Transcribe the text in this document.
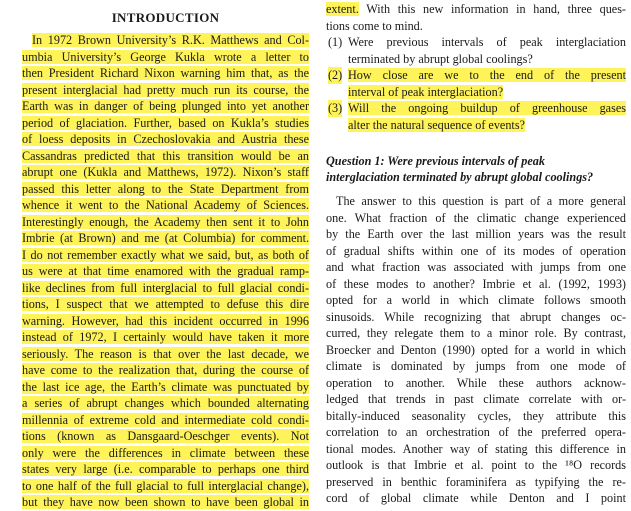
INTRODUCTION
In 1972 Brown University’s R.K. Matthews and Col-
umbia University’s George Kukla wrote a letter to
then President Richard Nixon warning him that, as the
present interglacial had pretty much run its course, the
Earth was in danger of being plunged into yet another
period of glaciation. Further, based on Kukla’s studies
of loess deposits in Czechoslovakia and Austria these
Cassandras predicted that this transition would be an
abrupt one (Kukla and Matthews, 1972). Nixon’s staff
passed this letter along to the State Department from
whence it went to the National Academy of Sciences.
Interestingly enough, the Academy then sent it to John
Imbrie (at Brown) and me (at Columbia) for comment.
I do not remember exactly what we said, but, as both of
us were at that time enamored with the gradual ramp-
like declines from full interglacial to full glacial condi-
tions, I suspect that we attempted to defuse this dire
warning. However, had this incident occurred in 1996
instead of 1972, I certainly would have taken it more
seriously. The reason is that over the last decade, we
have come to the realization that, during the course of
the last ice age, the Earth’s climate was punctuated by
a series of abrupt changes which bounded alternating
millennia of extreme cold and intermediate cold condi-
tions (known as Dansgaard-Oeschger events). Not
only were the differences in climate between these
states very large (i.e. comparable to perhaps one third
to one half of the full glacial to full interglacial change),
but they have now been shown to have been global in
extent. With this new information in hand, three ques-
tions come to mind.
(1) Were previous intervals of peak interglaciation
terminated by abrupt global coolings?
(2) How close are we to the end of the present
interval of peak interglaciation?
(3) Will the ongoing buildup of greenhouse gases
alter the natural sequence of events?
Question 1: Were previous intervals of peak
interglaciation terminated by abrupt global coolings?
The answer to this question is part of a more general
one. What fraction of the climatic change experienced
by the Earth over the last million years was the result
of gradual shifts within one of its modes of operation
and what fraction was associated with jumps from one
of these modes to another? Imbrie et al. (1992, 1993)
opted for a world in which climate follows smooth
sinusoids. While recognizing that abrupt changes oc-
curred, they relegate them to a minor role. By contrast,
Broecker and Denton (1990) opted for a world in which
climate is dominated by jumps from one mode of
operation to another. While these authors acknow-
ledged that trends in past climate correlate with or-
bitally-induced seasonality cycles, they attribute this
correlation to an orchestration of the preferred opera-
tional modes. Another way of stating this difference in
outlook is that Imbrie et al. point to the ¹⁸O records
preserved in benthic foraminifera as typifying the re-
cord of global climate while Denton and I point
